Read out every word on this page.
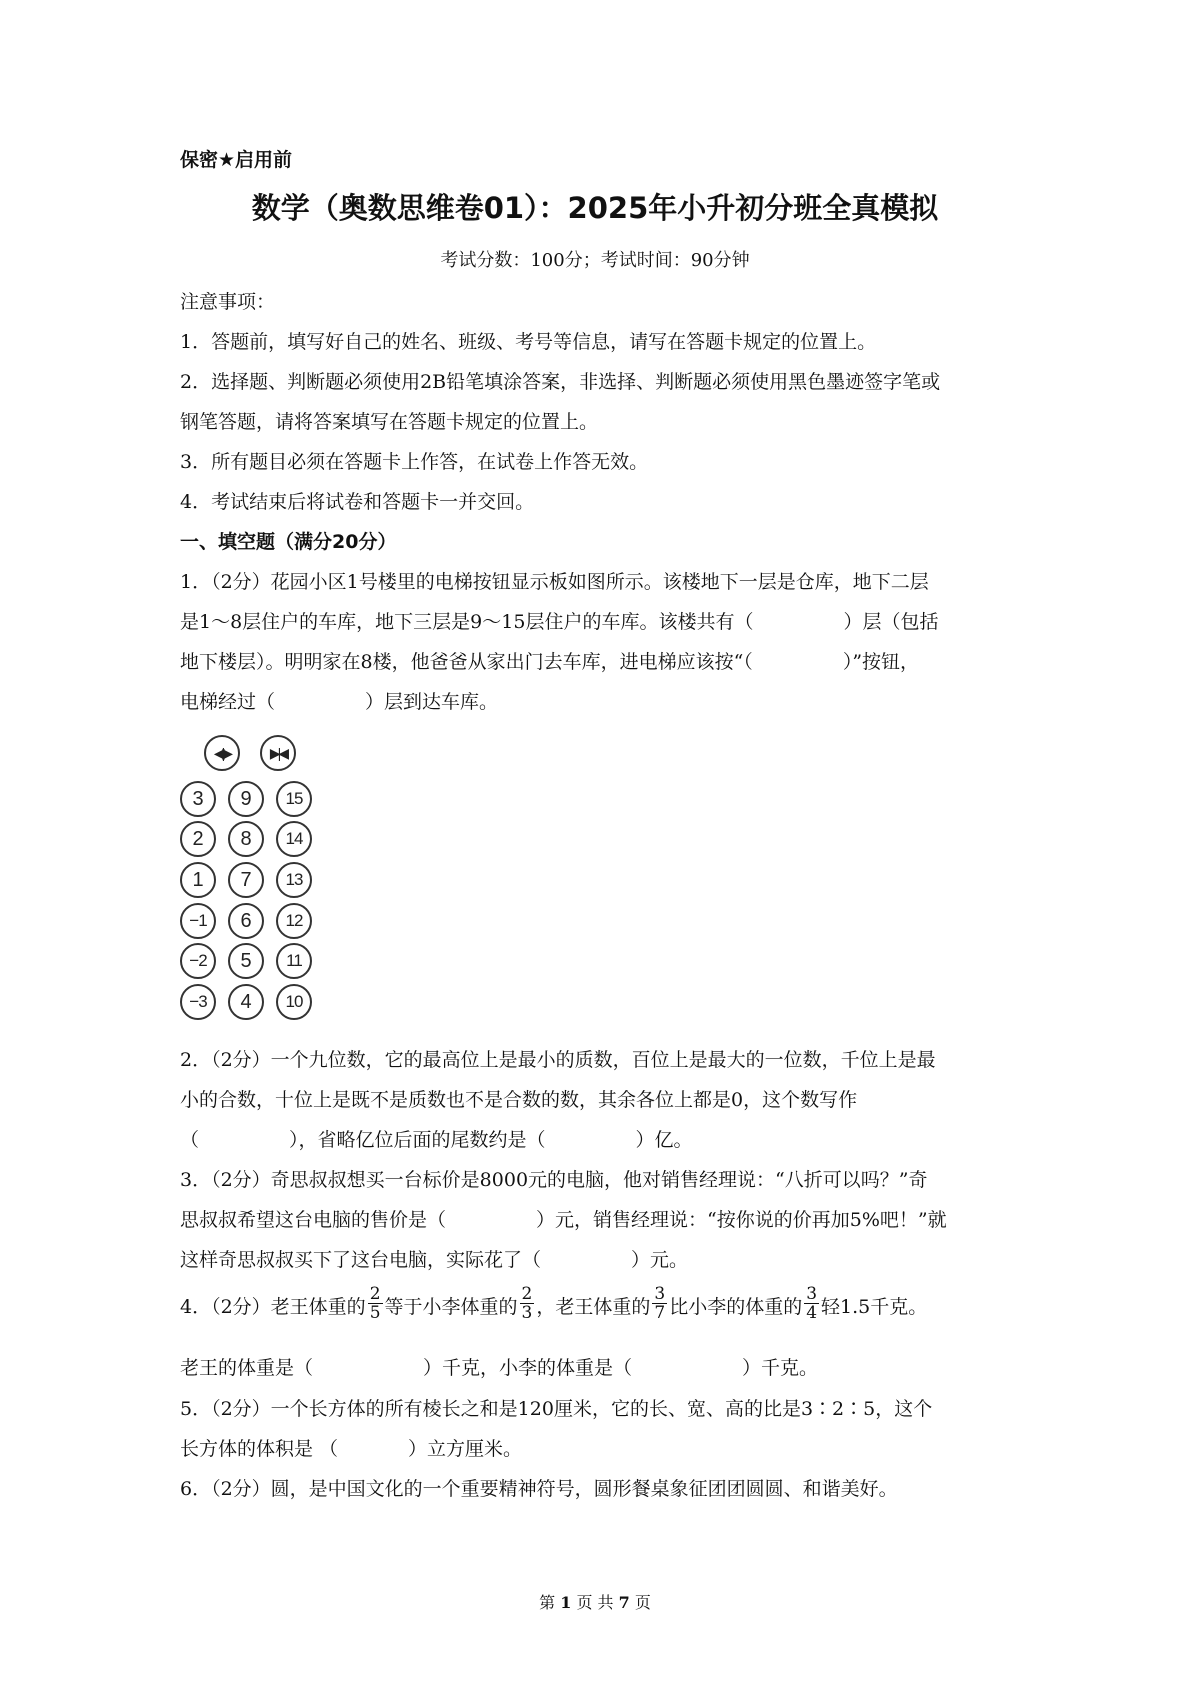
保密★启用前
数学（奥数思维卷01）：2025年小升初分班全真模拟
考试分数：100分；考试时间：90分钟
注意事项：
1．答题前，填写好自己的姓名、班级、考号等信息，请写在答题卡规定的位置上。
2．选择题、判断题必须使用2B铅笔填涂答案，非选择、判断题必须使用黑色墨迹签字笔或
钢笔答题，请将答案填写在答题卡规定的位置上。
3．所有题目必须在答题卡上作答，在试卷上作答无效。
4．考试结束后将试卷和答题卡一并交回。
一、填空题（满分20分）
1．（2分）花园小区1号楼里的电梯按钮显示板如图所示。该楼地下一层是仓库，地下二层
是1～8层住户的车库，地下三层是9～15层住户的车库。该楼共有（	）层（包括
地下楼层）。明明家在8楼，他爸爸从家出门去车库，进电梯应该按“（	）”按钮，
电梯经过（	）层到达车库。
◀|▶	▶|◀
3	9	15
2	8	14
1	7	13
−1	6	12
−2	5	11
−3	4	10
2．（2分）一个九位数，它的最高位上是最小的质数，百位上是最大的一位数，千位上是最
小的合数，十位上是既不是质数也不是合数的数，其余各位上都是0，这个数写作
（	），省略亿位后面的尾数约是（	）亿。
3．（2分）奇思叔叔想买一台标价是8000元的电脑，他对销售经理说：“八折可以吗？”奇
思叔叔希望这台电脑的售价是（	）元，销售经理说：“按你说的价再加5%吧！”就
这样奇思叔叔买下了这台电脑，实际花了（	）元。
4．（2分）老王体重的 $\frac{2}{5}$ 等于小李体重的 $\frac{2}{3}$ ，老王体重的 $\frac{3}{7}$ 比小李的体重的 $\frac{3}{4}$ 轻1.5千克。
老王的体重是（	）千克，小李的体重是（	）千克。
5．（2分）一个长方体的所有棱长之和是120厘米，它的长、宽、高的比是3∶2∶5，这个
长方体的体积是 （	）立方厘米。
6．（2分）圆，是中国文化的一个重要精神符号，圆形餐桌象征团团圆圆、和谐美好。
第 1 页 共 7 页
